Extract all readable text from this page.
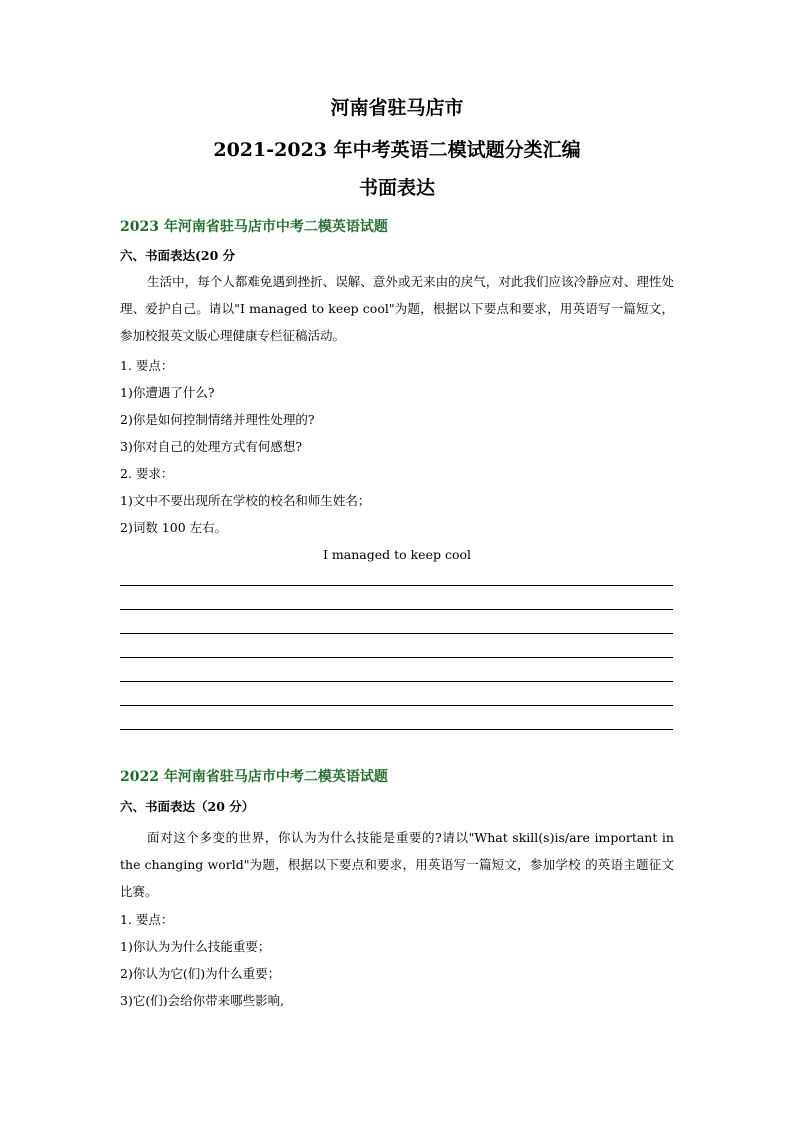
河南省驻马店市
2021-2023 年中考英语二模试题分类汇编
书面表达
2023 年河南省驻马店市中考二模英语试题
六、书面表达(20 分
生活中，每个人都难免遇到挫折、误解、意外或无来由的戾气，对此我们应该冷静应对、理性处理、爱护自己。请以"I managed to keep cool"为题，根据以下要点和要求，用英语写一篇短文，参加校报英文版心理健康专栏征稿活动。
1. 要点：
1)你遭遇了什么?
2)你是如何控制情绪并理性处理的?
3)你对自己的处理方式有何感想?
2. 要求：
1)文中不要出现所在学校的校名和师生姓名；
2)词数 100 左右。
I managed to keep cool
2022 年河南省驻马店市中考二模英语试题
六、书面表达（20 分）
面对这个多变的世界，你认为为什么技能是重要的?请以"What skill(s)is/are important in the changing world"为题，根据以下要点和要求，用英语写一篇短文，参加学校 的英语主题征文比赛。
1. 要点：
1)你认为为什么技能重要；
2)你认为它(们)为什么重要；
3)它(们)会给你带来哪些影响,
